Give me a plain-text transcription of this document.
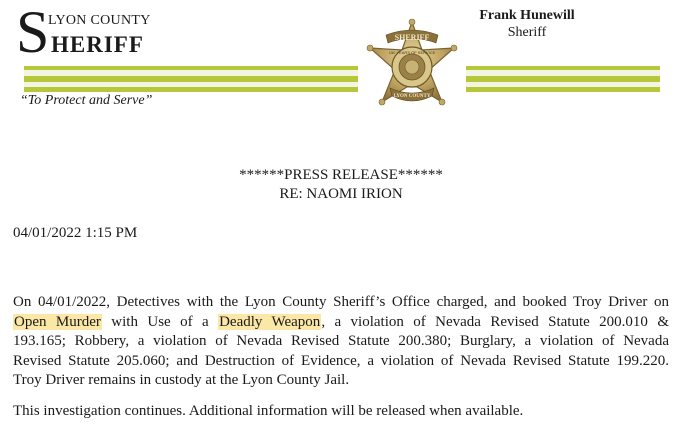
S LYON COUNTY
HERIFF
Frank Hunewill
Sheriff
SHERIFF
150 YEARS OF SERVICE
LYON COUNTY
“To Protect and Serve”
******PRESS RELEASE******
RE: NAOMI IRION
04/01/2022 1:15 PM
On 04/01/2022, Detectives with the Lyon County Sheriff’s Office charged, and booked Troy Driver on
Open Murder with Use of a Deadly Weapon, a violation of Nevada Revised Statute 200.010 &
193.165; Robbery, a violation of Nevada Revised Statute 200.380; Burglary, a violation of Nevada
Revised Statute 205.060; and Destruction of Evidence, a violation of Nevada Revised Statute 199.220.
Troy Driver remains in custody at the Lyon County Jail.
This investigation continues. Additional information will be released when available.
